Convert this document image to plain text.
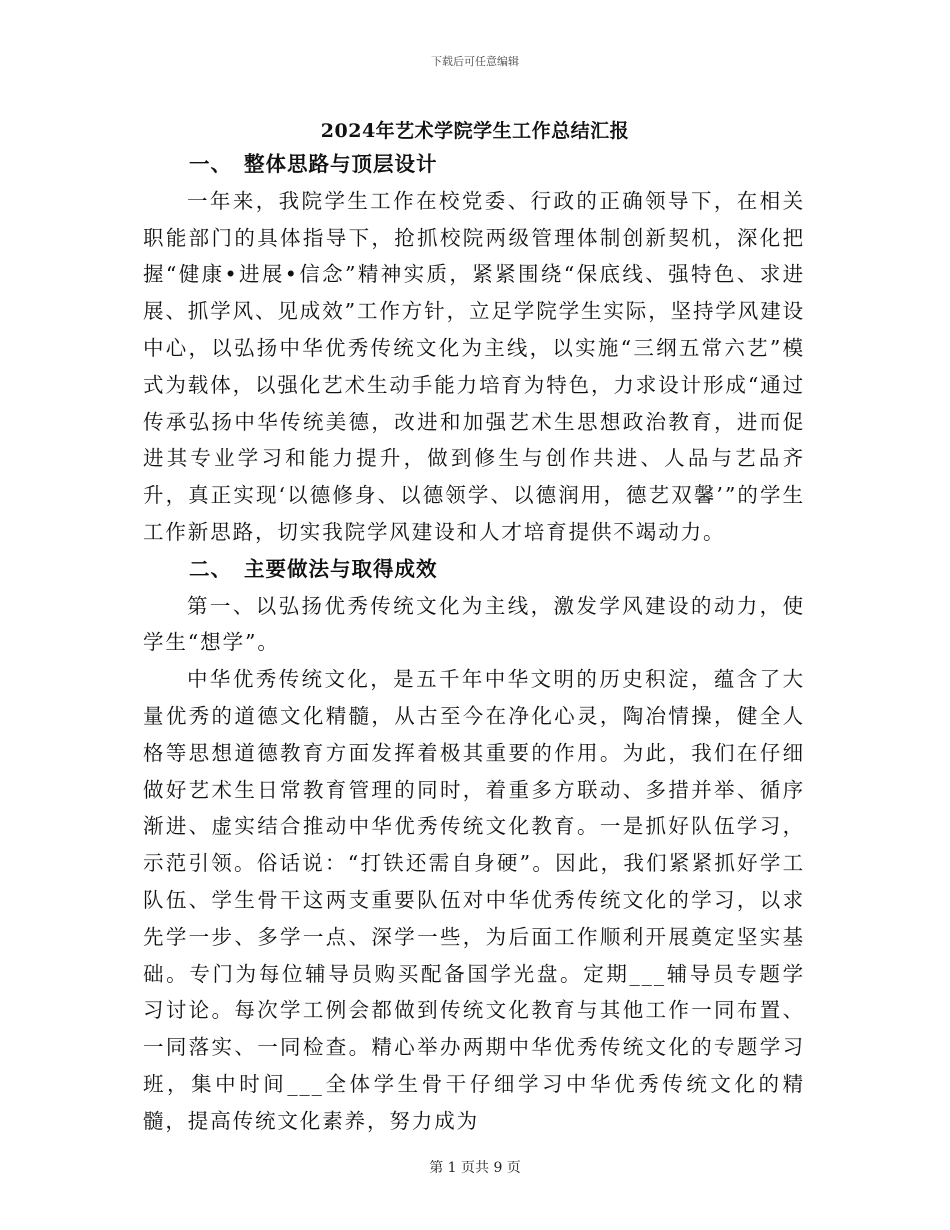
下载后可任意编辑
2024年艺术学院学生工作总结汇报
一、 整体思路与顶层设计

一年来，我院学生工作在校党委、行政的正确领导下，在相关职能部门的具体指导下，抢抓校院两级管理体制创新契机，深化把握“健康•进展•信念”精神实质，紧紧围绕“保底线、强特色、求进展、抓学风、见成效”工作方针，立足学院学生实际，坚持学风建设中心，以弘扬中华优秀传统文化为主线，以实施“三纲五常六艺”模式为载体，以强化艺术生动手能力培育为特色，力求设计形成“通过传承弘扬中华传统美德，改进和加强艺术生思想政治教育，进而促进其专业学习和能力提升，做到修生与创作共进、人品与艺品齐升，真正实现‘以德修身、以德领学、以德润用，德艺双馨’”的学生工作新思路，切实我院学风建设和人才培育提供不竭动力。

二、 主要做法与取得成效

第一、以弘扬优秀传统文化为主线，激发学风建设的动力，使学生“想学”。

中华优秀传统文化，是五千年中华文明的历史积淀，蕴含了大量优秀的道德文化精髓，从古至今在净化心灵，陶冶情操，健全人格等思想道德教育方面发挥着极其重要的作用。为此，我们在仔细做好艺术生日常教育管理的同时，着重多方联动、多措并举、循序渐进、虚实结合推动中华优秀传统文化教育。一是抓好队伍学习，示范引领。俗话说：“打铁还需自身硬”。因此，我们紧紧抓好学工队伍、学生骨干这两支重要队伍对中华优秀传统文化的学习，以求先学一步、多学一点、深学一些，为后面工作顺利开展奠定坚实基础。专门为每位辅导员购买配备国学光盘。定期___辅导员专题学习讨论。每次学工例会都做到传统文化教育与其他工作一同布置、一同落实、一同检查。精心举办两期中华优秀传统文化的专题学习班，集中时间___全体学生骨干仔细学习中华优秀传统文化的精髓，提高传统文化素养，努力成为

第 1 页共 9 页
